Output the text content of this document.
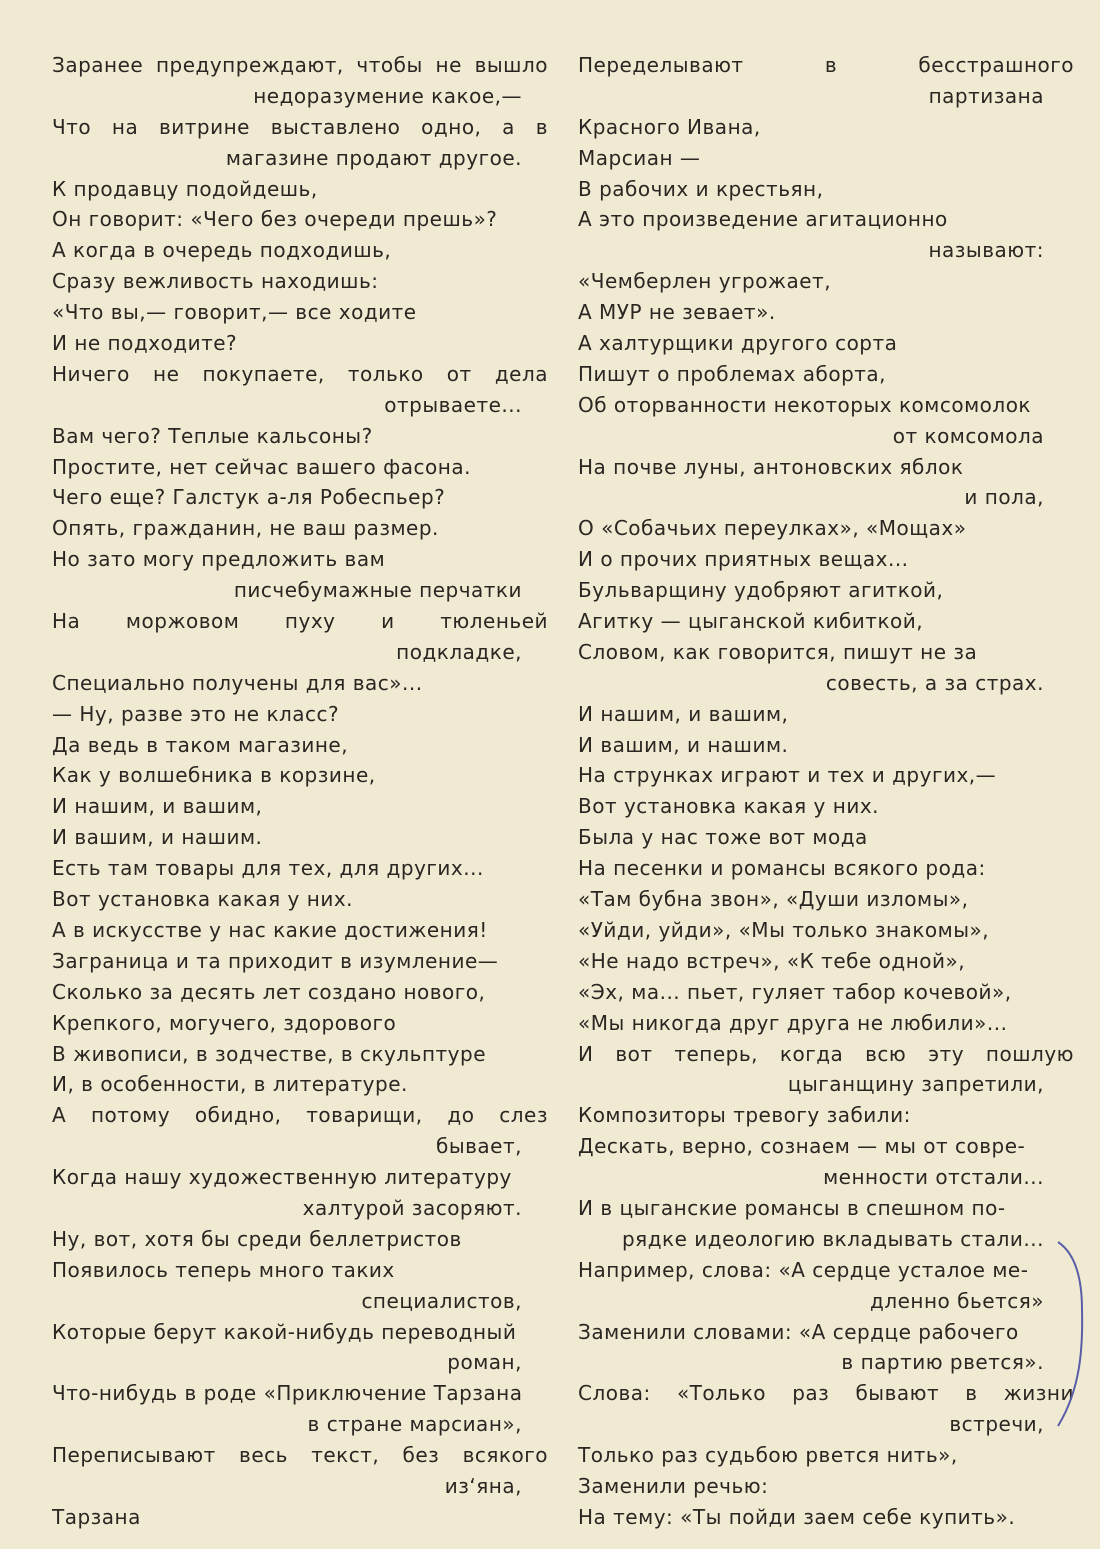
Заранее предупреждают, чтобы не вышло
недоразумение какое,—
Что на витрине выставлено одно, а в
магазине продают другое.
К продавцу подойдешь,
Он говорит: «Чего без очереди прешь»?
А когда в очередь подходишь,
Сразу вежливость находишь:
«Что вы,— говорит,— все ходите
И не подходите?
Ничего не покупаете, только от дела
отрываете...
Вам чего? Теплые кальсоны?
Простите, нет сейчас вашего фасона.
Чего еще? Галстук а-ля Робеспьер?
Опять, гражданин, не ваш размер.
Но зато могу предложить вам
писчебумажные перчатки
На моржовом пуху и тюленьей
подкладке,
Специально получены для вас»...
— Ну, разве это не класс?
Да ведь в таком магазине,
Как у волшебника в корзине,
И нашим, и вашим,
И вашим, и нашим.
Есть там товары для тех, для других...
Вот установка какая у них.
А в искусстве у нас какие достижения!
Заграница и та приходит в изумление—
Сколько за десять лет создано нового,
Крепкого, могучего, здорового
В живописи, в зодчестве, в скульптуре
И, в особенности, в литературе.
А потому обидно, товарищи, до слез
бывает,
Когда нашу художественную литературу
халтурой засоряют.
Ну, вот, хотя бы среди беллетристов
Появилось теперь много таких
специалистов,
Которые берут какой-нибудь переводный
роман,
Что-нибудь в роде «Приключение Тарзана
в стране марсиан»,
Переписывают весь текст, без всякого
из‘яна,
Тарзана
Переделывают в бесстрашного
партизана
Красного Ивана,
Марсиан —
В рабочих и крестьян,
А это произведение агитационно
называют:
«Чемберлен угрожает,
А МУР не зевает».
А халтурщики другого сорта
Пишут о проблемах аборта,
Об оторванности некоторых комсомолок
от комсомола
На почве луны, антоновских яблок
и пола,
О «Собачьих переулках», «Мощах»
И о прочих приятных вещах...
Бульварщину удобряют агиткой,
Агитку — цыганской кибиткой,
Словом, как говорится, пишут не за
совесть, а за страх.
И нашим, и вашим,
И вашим, и нашим.
На струнках играют и тех и других,—
Вот установка какая у них.
Была у нас тоже вот мода
На песенки и романсы всякого рода:
«Там бубна звон», «Души изломы»,
«Уйди, уйди», «Мы только знакомы»,
«Не надо встреч», «К тебе одной»,
«Эх, ма... пьет, гуляет табор кочевой»,
«Мы никогда друг друга не любили»...
И вот теперь, когда всю эту пошлую
цыганщину запретили,
Композиторы тревогу забили:
Дескать, верно, сознаем — мы от совре-
менности отстали...
И в цыганские романсы в спешном по-
рядке идеологию вкладывать стали...
Например, слова: «А сердце усталое ме-
дленно бьется»
Заменили словами: «А сердце рабочего
в партию рвется».
Слова: «Только раз бывают в жизни
встречи,
Только раз судьбою рвется нить»,
Заменили речью:
На тему: «Ты пойди заем себе купить».
